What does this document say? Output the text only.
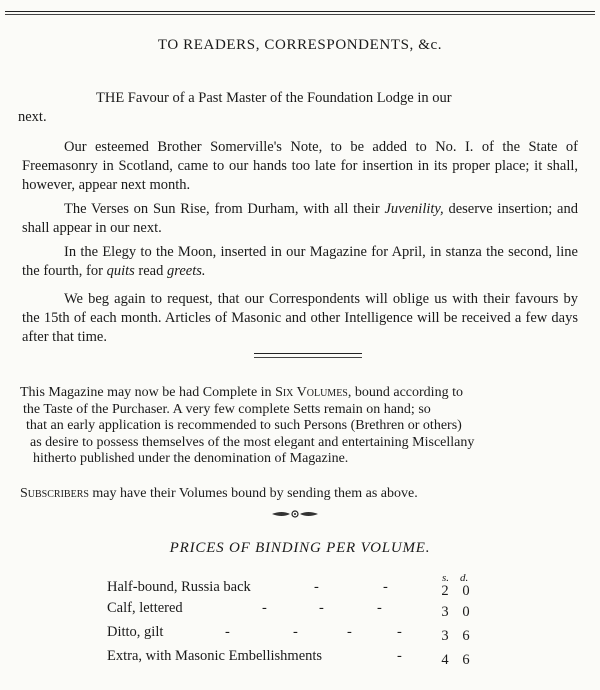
TO READERS, CORRESPONDENTS, &c.
THE Favour of a Past Master of the Foundation Lodge in our
next.
Our esteemed Brother Somerville's Note, to be added to No. I. of the State of Freemasonry in Scotland, came to our hands too late for insertion in its proper place; it shall, however, appear next month.
The Verses on Sun Rise, from Durham, with all their Juvenility, deserve insertion; and shall appear in our next.
In the Elegy to the Moon, inserted in our Magazine for April, in stanza the second, line the fourth, for quits read greets.
We beg again to request, that our Correspondents will oblige us with their favours by the 15th of each month. Articles of Masonic and other Intelligence will be received a few days after that time.
This Magazine may now be had Complete in Six Volumes, bound according to
the Taste of the Purchaser. A very few complete Setts remain on hand; so
that an early application is recommended to such Persons (Brethren or others)
as desire to possess themselves of the most elegant and entertaining Miscellany
hitherto published under the denomination of Magazine.
Subscribers may have their Volumes bound by sending them as above.
PRICES OF BINDING PER VOLUME.
s. d.
Half-bound, Russia back	-	-	2 0
Calf, lettered	-	-	-	3 0
Ditto, gilt	-	-	-	-	3 6
Extra, with Masonic Embellishments	-	4 6
